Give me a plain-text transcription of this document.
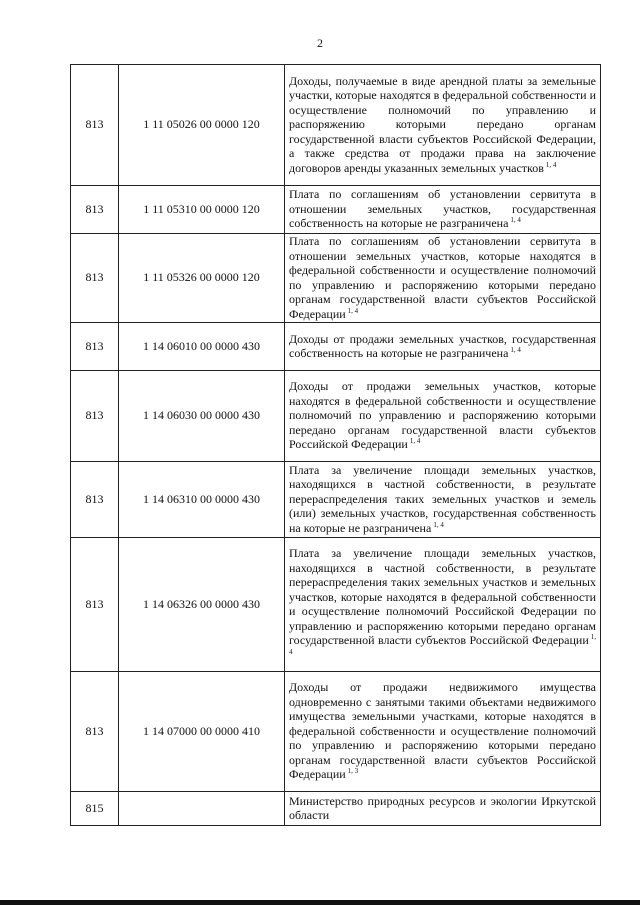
2
813	1 11 05026 00 0000 120	Доходы, получаемые в виде арендной платы за земельные участки, которые находятся в федеральной собственности и осуществление полномочий по управлению и распоряжению которыми передано органам государственной власти субъектов Российской Федерации, а также средства от продажи права на заключение договоров аренды указанных земельных участков $^{1, 4}$
813	1 11 05310 00 0000 120	Плата по соглашениям об установлении сервитута в отношении земельных участков, государственная собственность на которые не разграничена $^{1, 4}$
813	1 11 05326 00 0000 120	Плата по соглашениям об установлении сервитута в отношении земельных участков, которые находятся в федеральной собственности и осуществление полномочий по управлению и распоряжению которыми передано органам государственной власти субъектов Российской Федерации $^{1, 4}$
813	1 14 06010 00 0000 430	Доходы от продажи земельных участков, государственная собственность на которые не разграничена $^{1, 4}$
813	1 14 06030 00 0000 430	Доходы от продажи земельных участков, которые находятся в федеральной собственности и осуществление полномочий по управлению и распоряжению которыми передано органам государственной власти субъектов Российской Федерации $^{1, 4}$
813	1 14 06310 00 0000 430	Плата за увеличение площади земельных участков, находящихся в частной собственности, в результате перераспределения таких земельных участков и земель (или) земельных участков, государственная собственность на которые не разграничена $^{1, 4}$
813	1 14 06326 00 0000 430	Плата за увеличение площади земельных участков, находящихся в частной собственности, в результате перераспределения таких земельных участков и земельных участков, которые находятся в федеральной собственности и осуществление полномочий Российской Федерации по управлению и распоряжению которыми передано органам государственной власти субъектов Российской Федерации $^{1, 4}$
813	1 14 07000 00 0000 410	Доходы от продажи недвижимого имущества одновременно с занятыми такими объектами недвижимого имущества земельными участками, которые находятся в федеральной собственности и осуществление полномочий по управлению и распоряжению которыми передано органам государственной власти субъектов Российской Федерации $^{1, 3}$
815		Министерство природных ресурсов и экологии Иркутской области
